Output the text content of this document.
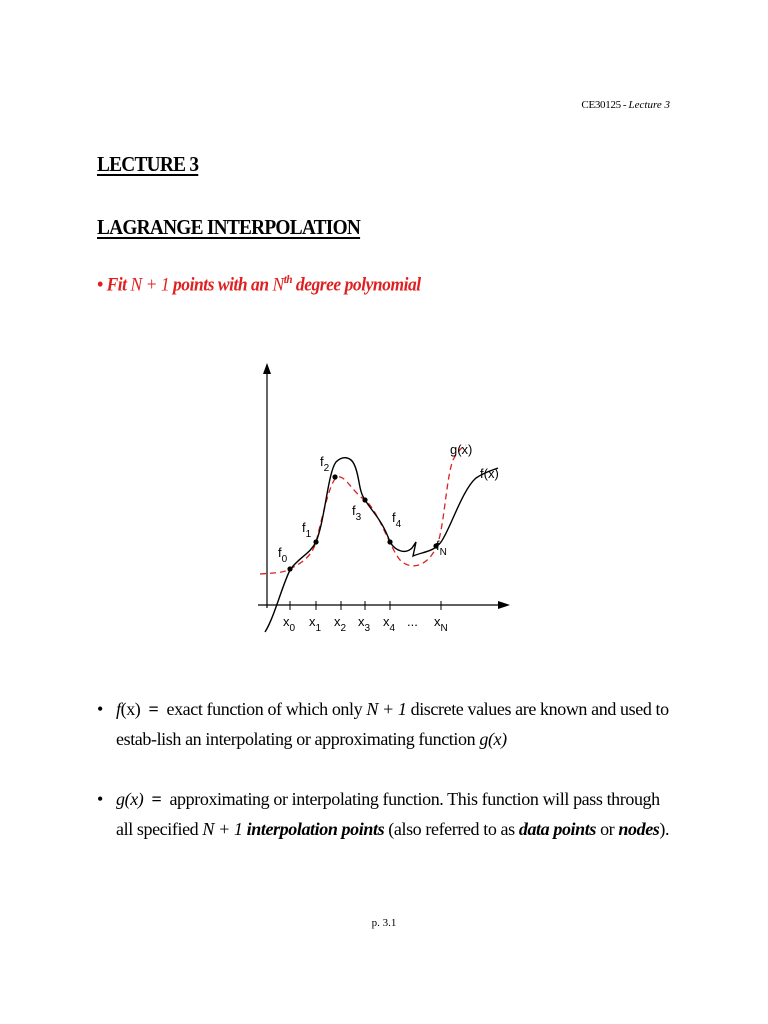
CE30125 - Lecture 3
LECTURE 3
LAGRANGE INTERPOLATION
• Fit N + 1 points with an $N^{th}$ degree polynomial
g(x)
f(x)
$f_0$
$f_1$
$f_2$
$f_3$ $f_4$
$f_N$
$x_0$ $x_1$ $x_2$ $x_3$ $x_4$ ... $x_N$
• f(x) = exact function of which only N + 1 discrete values are known and used to estab-lish an interpolating or approximating function g(x)
• g(x) = approximating or interpolating function. This function will pass through all specified N + 1 interpolation points (also referred to as data points or nodes).
p. 3.1
